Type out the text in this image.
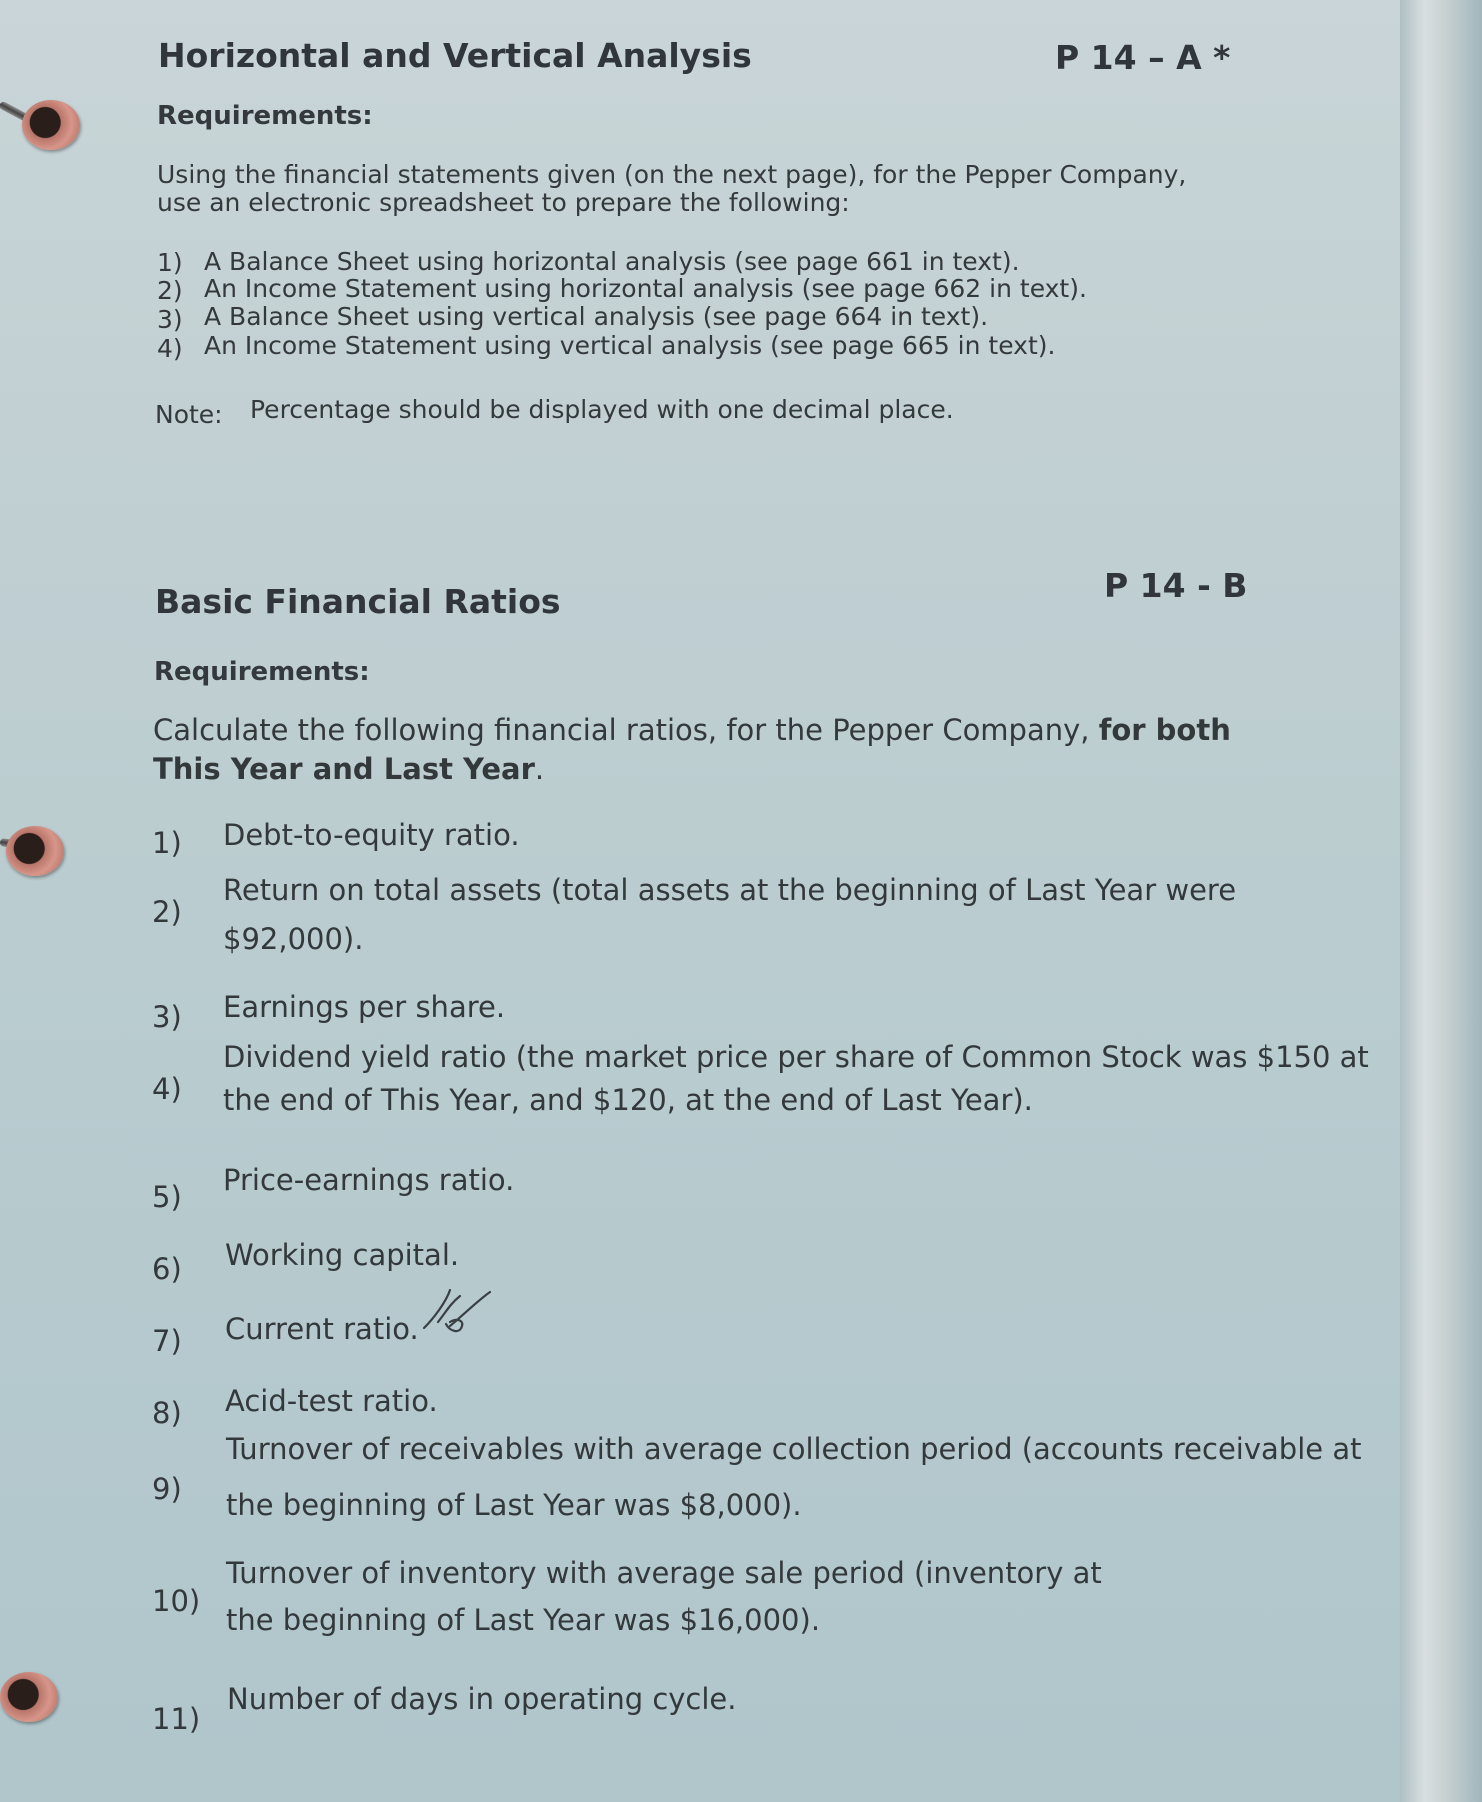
Horizontal and Vertical Analysis	P 14 – A *
Requirements:
Using the financial statements given (on the next page), for the Pepper Company,
use an electronic spreadsheet to prepare the following:
1) A Balance Sheet using horizontal analysis (see page 661 in text).
2) An Income Statement using horizontal analysis (see page 662 in text).
3) A Balance Sheet using vertical analysis (see page 664 in text).
4) An Income Statement using vertical analysis (see page 665 in text).
Note: Percentage should be displayed with one decimal place.
Basic Financial Ratios	P 14 - B
Requirements:
Calculate the following financial ratios, for the Pepper Company, for both
This Year and Last Year.
1) Debt-to-equity ratio.
2)
Return on total assets (total assets at the beginning of Last Year were
$92,000).
3) Earnings per share.
4)
Dividend yield ratio (the market price per share of Common Stock was $150 at
the end of This Year, and $120, at the end of Last Year).
5) Price-earnings ratio.
6) Working capital.
7) Current ratio.
8) Acid-test ratio.
9)
Turnover of receivables with average collection period (accounts receivable at
the beginning of Last Year was $8,000).
10)
Turnover of inventory with average sale period (inventory at
the beginning of Last Year was $16,000).
11)
Number of days in operating cycle.
